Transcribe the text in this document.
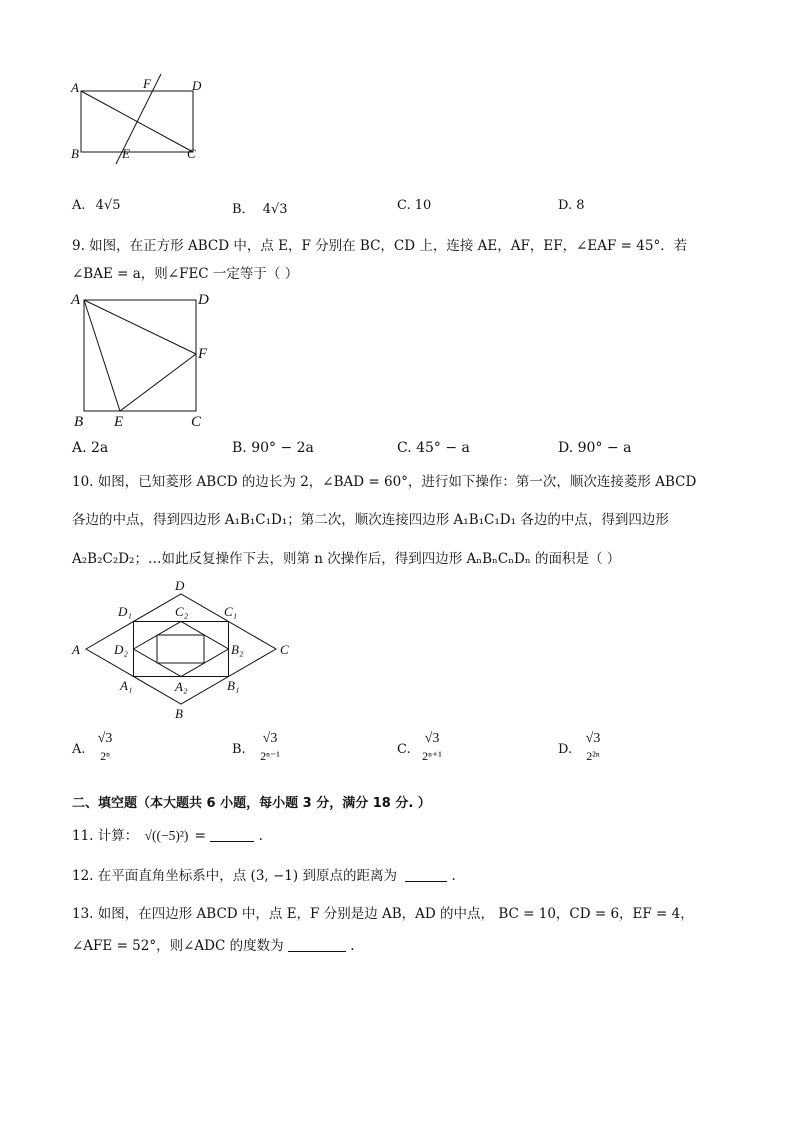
A
B	C
D
E
F
A. 4√5	B． 4√3	C. 10	D. 8
9. 如图，在正方形 ABCD 中，点 E，F 分别在 BC，CD 上，连接 AE，AF，EF，∠EAF = 45°．若
∠BAE = a，则∠FEC 一定等于（ ）
A
B	C
D
E
F
A. 2a	B. 90° − 2a	C. 45° − a	D. 90° − a
10. 如图，已知菱形 ABCD 的边长为 2，∠BAD = 60°，进行如下操作：第一次，顺次连接菱形 ABCD
各边的中点，得到四边形 A₁B₁C₁D₁；第二次，顺次连接四边形 A₁B₁C₁D₁ 各边的中点，得到四边形
A₂B₂C₂D₂；…如此反复操作下去，则第 n 次操作后，得到四边形 AₙBₙCₙDₙ 的面积是（ ）
A
B
C
D
D₁	C₁
A₁	B₁
C₂
A₂
D₂	B₂
A.
√3
2ⁿ	B.
√3
2ⁿ⁻¹	C.
√3
2ⁿ⁺¹	D.
√3
2²ⁿ
二、填空题（本大题共 6 小题，每小题 3 分，满分 18 分. ）
11. 计算： √((−5)²) =	.
12. 在平面直角坐标系中，点 (3, −1) 到原点的距离为	.
13. 如图，在四边形 ABCD 中，点 E，F 分别是边 AB，AD 的中点， BC = 10，CD = 6，EF = 4，
∠AFE = 52°，则∠ADC 的度数为	.
